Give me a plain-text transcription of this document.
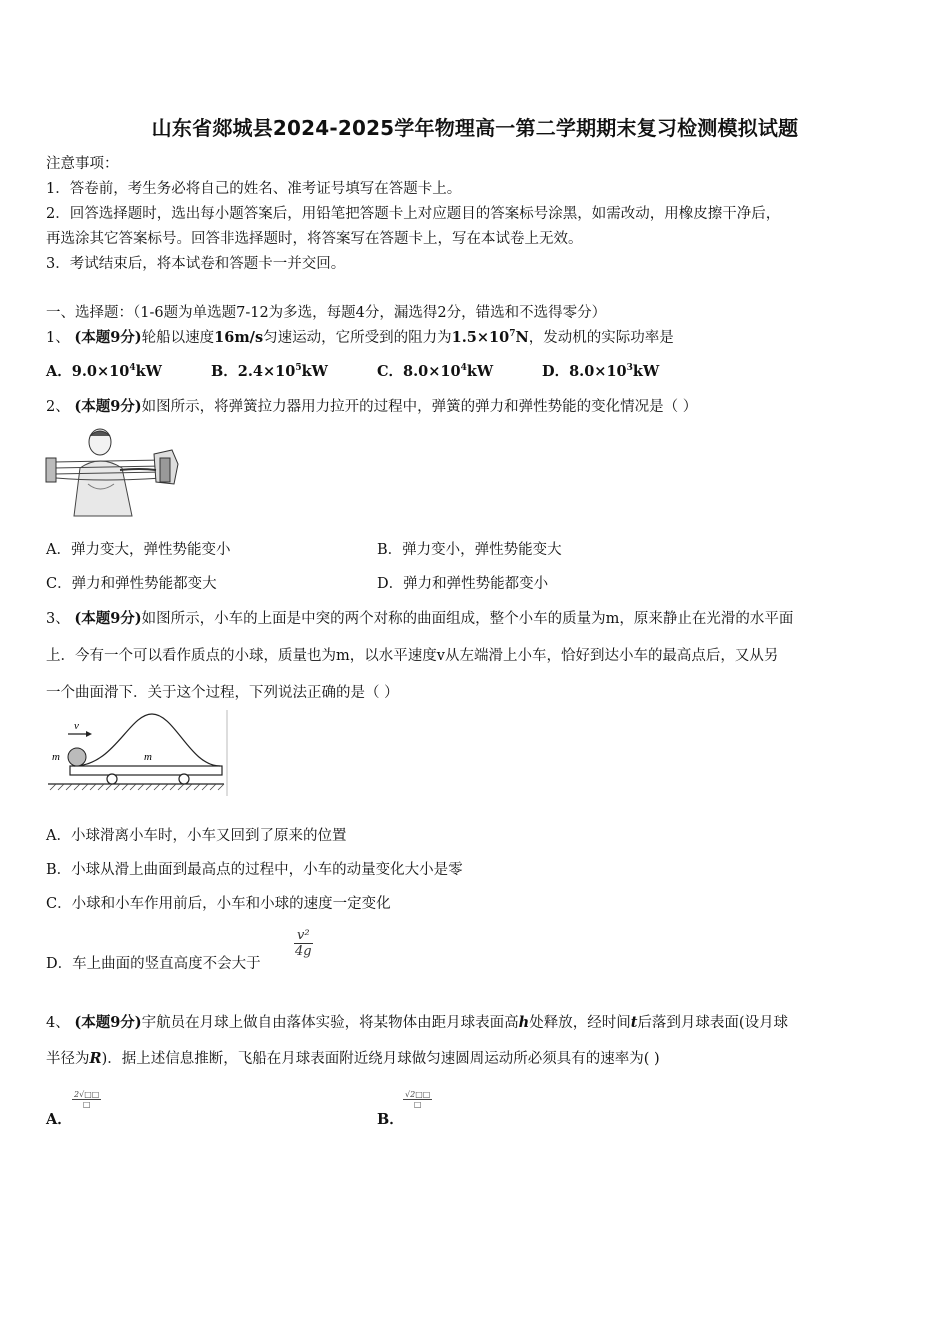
山东省郯城县2024-2025学年物理高一第二学期期末复习检测模拟试题
注意事项：
1．答卷前，考生务必将自己的姓名、准考证号填写在答题卡上。
2．回答选择题时，选出每小题答案后，用铅笔把答题卡上对应题目的答案标号涂黑，如需改动，用橡皮擦干净后，
再选涂其它答案标号。回答非选择题时，将答案写在答题卡上，写在本试卷上无效。
3．考试结束后，将本试卷和答题卡一并交回。
一、选择题：（1-6题为单选题7-12为多选，每题4分，漏选得2分，错选和不选得零分）
1、 (本题9分)轮船以速度16m/s匀速运动，它所受到的阻力为$1.5\times 10^7N$，发动机的实际功率是
A．$9.0\times 10^4kW$	B．$2.4\times 10^5kW$	C．$8.0\times 10^4kW$	D．$8.0\times 10^3kW$
2、 (本题9分)如图所示，将弹簧拉力器用力拉开的过程中，弹簧的弹力和弹性势能的变化情况是（ ）
A．弹力变大，弹性势能变小	B．弹力变小，弹性势能变大
C．弹力和弹性势能都变大	D．弹力和弹性势能都变小
3、 (本题9分)如图所示，小车的上面是中突的两个对称的曲面组成，整个小车的质量为m，原来静止在光滑的水平面
上．今有一个可以看作质点的小球，质量也为m，以水平速度v从左端滑上小车，恰好到达小车的最高点后，又从另
一个曲面滑下．关于这个过程，下列说法正确的是（ ）
v
m	m
A．小球滑离小车时，小车又回到了原来的位置
B．小球从滑上曲面到最高点的过程中，小车的动量变化大小是零
C．小球和小车作用前后，小车和小球的速度一定变化
D．车上曲面的竖直高度不会大于
$\frac{\text{v²}}{4g}$
4、 (本题9分)宇航员在月球上做自由落体实验，将某物体由距月球表面高h处释放，经时间t后落到月球表面(设月球
半径为R)．据上述信息推断，飞船在月球表面附近绕月球做匀速圆周运动所必须具有的速率为( )
A．
2√□□
□
B．
√2□□
□
